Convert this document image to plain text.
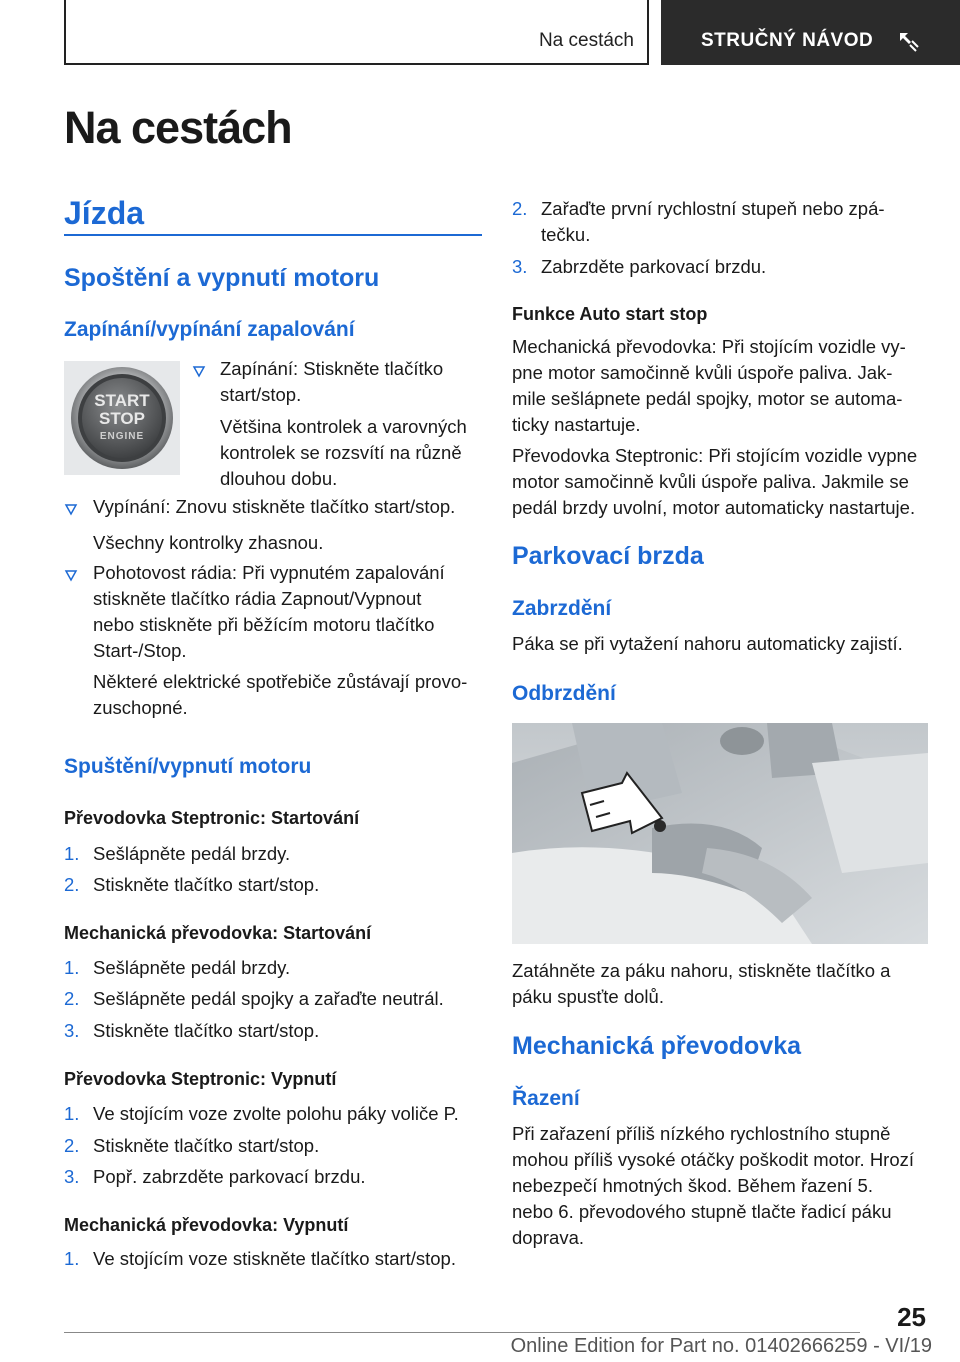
Na cestách	STRUČNÝ NÁVOD
Na cestách
Jízda
Spoštění a vypnutí motoru
Zapínání/vypínání zapalování
START
STOP
ENGINE
Zapínání: Stiskněte tlačítko
start/stop.
Většina kontrolek a varovných
kontrolek se rozsvítí na různě
dlouhou dobu.
Vypínání: Znovu stiskněte tlačítko start/stop.
Všechny kontrolky zhasnou.
Pohotovost rádia: Při vypnutém zapalování
stiskněte tlačítko rádia Zapnout/Vypnout
nebo stiskněte při běžícím motoru tlačítko
Start-/Stop.
Některé elektrické spotřebiče zůstávají provo‐
zuschopné.
Spuštění/vypnutí motoru
Převodovka Steptronic: Startování
1. Sešlápněte pedál brzdy.
2. Stiskněte tlačítko start/stop.
Mechanická převodovka: Startování
1. Sešlápněte pedál brzdy.
2. Sešlápněte pedál spojky a zařaďte neutrál.
3. Stiskněte tlačítko start/stop.
Převodovka Steptronic: Vypnutí
1. Ve stojícím voze zvolte polohu páky voliče P.
2. Stiskněte tlačítko start/stop.
3. Popř. zabrzděte parkovací brzdu.
Mechanická převodovka: Vypnutí
1. Ve stojícím voze stiskněte tlačítko start/stop.
2. Zařaďte první rychlostní stupeň nebo zpá‐
tečku.
3. Zabrzděte parkovací brzdu.
Funkce Auto start stop
Mechanická převodovka: Při stojícím vozidle vy‐
pne motor samočinně kvůli úspoře paliva. Jak‐
mile sešlápnete pedál spojky, motor se automa‐
ticky nastartuje.
Převodovka Steptronic: Při stojícím vozidle vypne
motor samočinně kvůli úspoře paliva. Jakmile se
pedál brzdy uvolní, motor automaticky nastartuje.
Parkovací brzda
Zabrzdění
Páka se při vytažení nahoru automaticky zajistí.
Odbrzdění
Zatáhněte za páku nahoru, stiskněte tlačítko a
páku spusťte dolů.
Mechanická převodovka
Řazení
Při zařazení příliš nízkého rychlostního stupně
mohou příliš vysoké otáčky poškodit motor. Hrozí
nebezpečí hmotných škod. Během řazení 5.
nebo 6. převodového stupně tlačte řadicí páku
doprava.
25
Online Edition for Part no. 01402666259 - VI/19
